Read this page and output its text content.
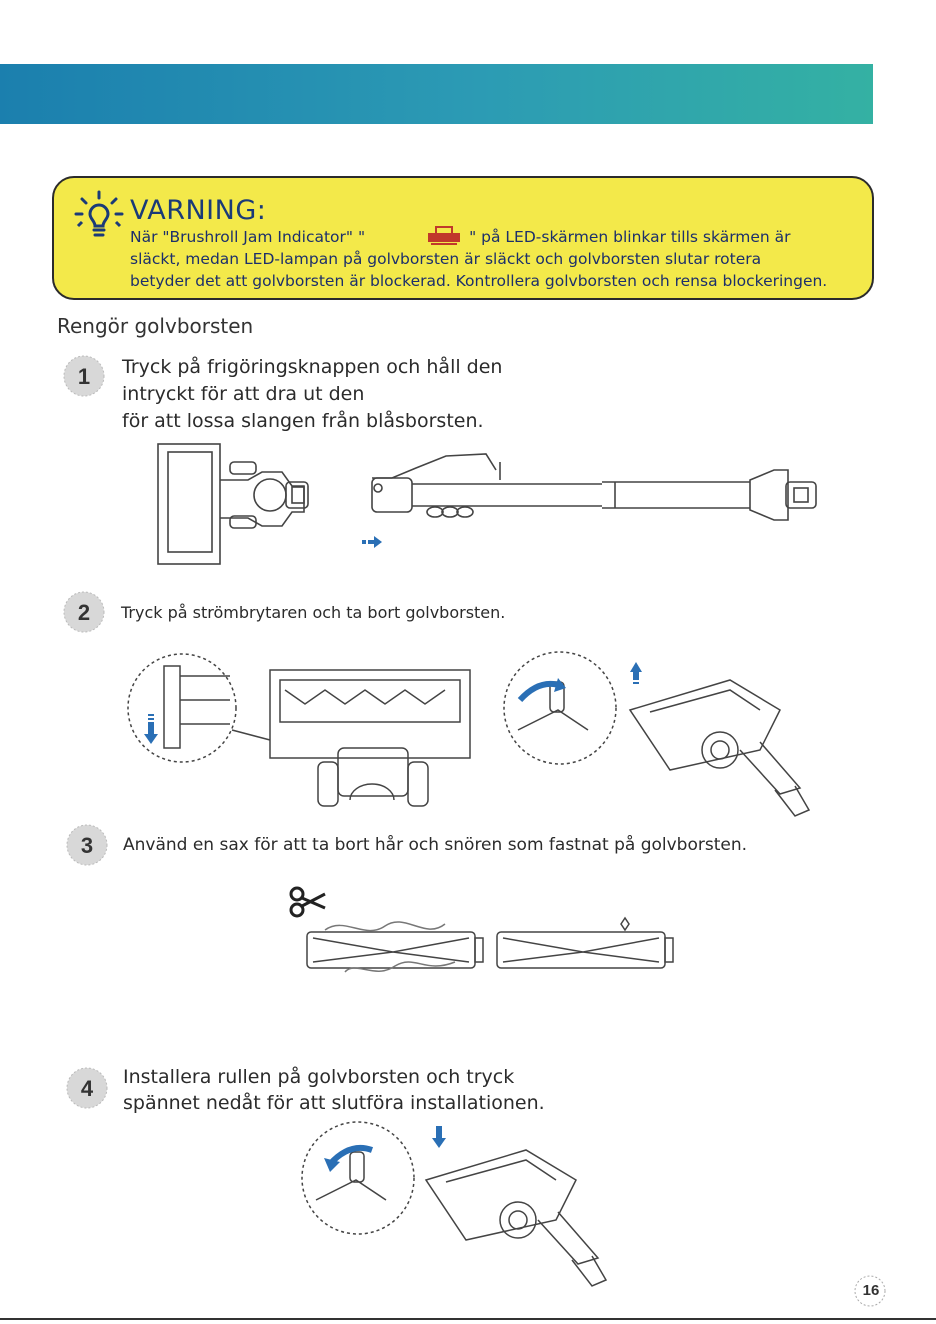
VARNING:
När "Brushroll Jam Indicator" "	" på LED-skärmen blinkar tills skärmen är
släckt, medan LED-lampan på golvborsten är släckt och golvborsten slutar rotera
betyder det att golvborsten är blockerad. Kontrollera golvborsten och rensa blockeringen.
Rengör golvborsten
1
2
3
4
Tryck på frigöringsknappen och håll den
intryckt för att dra ut den
för att lossa slangen från blåsborsten.
Tryck på strömbrytaren och ta bort golvborsten.
Använd en sax för att ta bort hår och snören som fastnat på golvborsten.
Installera rullen på golvborsten och tryck
spännet nedåt för att slutföra installationen.
16
